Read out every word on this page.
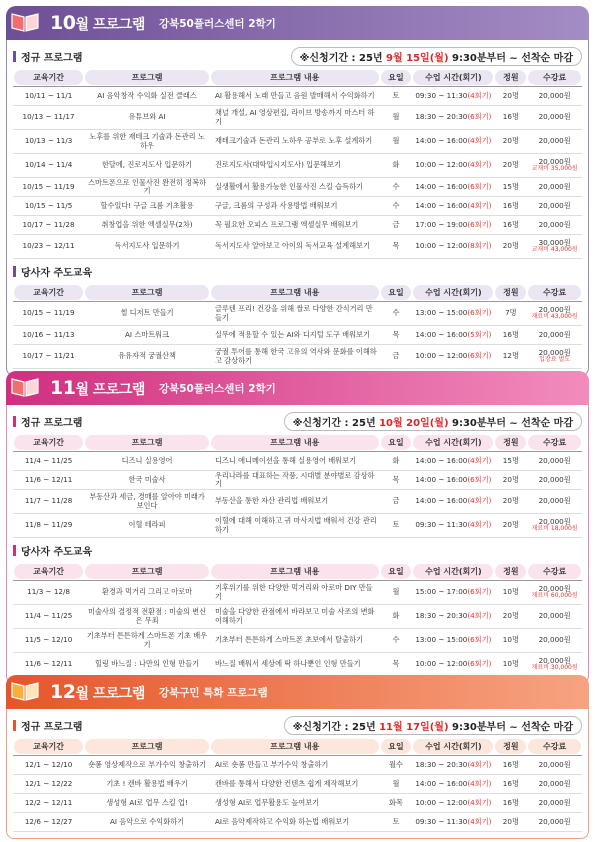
10월 프로그램 강북50플러스센터 2학기
정규 프로그램	※신청기간 : 25년 9월 15일(월) 9:30분부터 ~ 선착순 마감
교육기간	프로그램	프로그램 내용	요일	수업 시간(회기)	정원	수강료

10/11 ~ 11/1	AI 음악창작 수익화 실전 클래스	AI 활용해서 노래 만들고 음원 발매해서 수익화하기	토	09:30 ~ 11:30(4회기)	20명	20,000원
10/13 ~ 11/17	유튜브와 AI	채널 개설, AI 영상편집, 라이브 방송까지 마스터 하기	월	18:30 ~ 20:30(6회기)	16명	20,000원
10/13 ~ 11/3	노후를 위한 재테크 기술과 돈관리 노하우	재테크기술과 돈관리 노하우 공부로 노후 설계하기	월	14:00 ~ 16:00(4회기)	20명	20,000원
10/14 ~ 11/4	한달에, 진로지도사 입문하기	진로지도사(대학입시지도사) 입문해보기	화	10:00 ~ 12:00(4회기)	20명	20,000원
교재비 35,000원

10/15 ~ 11/19	스마트폰으로 인물사진 완전히 정복하기	실생활에서 활용가능한 인물사진 스킬 습득하기	수	14:00 ~ 16:00(6회기)	15명	20,000원
10/15 ~ 11/5	할수있다! 구글 크롬 기초활용	구글, 크롬의 구성과 사용방법 배워보기	수	14:00 ~ 16:00(4회기)	16명	20,000원
10/17 ~ 11/28	취창업을 위한 엑셀실무(2차)	꼭 필요한 오피스 프로그램 엑셀실무 배워보기	금	17:00 ~ 19:00(6회기)	16명	20,000원
10/23 ~ 12/11	독서지도사 입문하기	독서지도사 알아보고 아이의 독서교육 설계해보기	목	10:00 ~ 12:00(8회기)	20명	30,000원
교재비 43,000원
당사자 주도교육
교육기간	프로그램	프로그램 내용	요일	수업 시간(회기)	정원	수강료

10/15 ~ 11/19	썰 디저트 만들기	글루텐 프리! 건강을 위해 쌀로 다양한 간식거리 만들기	수	13:00 ~ 15:00(6회기)	7명	20,000원
재료비 43,000원

10/16 ~ 11/13	AI 스마트워크	실무에 적용할 수 있는 AI와 디지털 도구 배워보기	목	14:00 ~ 16:00(5회기)	16명	20,000원
10/17 ~ 11/21	유유자적 궁궐산책	궁궐 투어를 통해 한국 고유의 역사와 문화를 이해하고 감상하기	금	10:00 ~ 12:00(6회기)	12명	20,000원
입장료 별도
11월 프로그램 강북50플러스센터 2학기
정규 프로그램	※신청기간 : 25년 10월 20일(월) 9:30분부터 ~ 선착순 마감
교육기간	프로그램	프로그램 내용	요일	수업 시간(회기)	정원	수강료

11/4 ~ 11/25	디즈니 실용영어	디즈니 애니메이션을 통해 실용영어 배워보기	화	14:00 ~ 16:00(4회기)	15명	20,000원
11/6 ~ 12/11	한국 미술사	우리나라를 대표하는 작품, 시대별 분야별로 감상하기	목	14:00 ~ 16:00(6회기)	20명	20,000원
11/7 ~ 11/28	부동산과 세금, 경매를 알아야 미래가 보인다	부동산을 통한 자산 관리법 배워보기	금	14:00 ~ 16:00(4회기)	20명	20,000원
11/8 ~ 11/29	이혈 테라피	이혈에 대해 이해하고 귀 마사지법 배워서 건강 관리하기	토	09:30 ~ 11:30(4회기)	20명	20,000원
재료비 18,000원
당사자 주도교육
교육기간	프로그램	프로그램 내용	요일	수업 시간(회기)	정원	수강료

11/3 ~ 12/8	환경과 먹거리 그리고 아로마	기후위기를 위한 다양한 먹거리와 아로마 DIY 만들기	월	15:00 ~ 17:00(6회기)	10명	20,000원
재료비 60,000원

11/4 ~ 11/25	미술사의 결정적 전환점 : 미술의 변신은 무죄	미술을 다양한 관점에서 바라보고 미술 사조의 변화 이해하기	화	18:30 ~ 20:30(4회기)	20명	20,000원
11/5 ~ 12/10	기초부터 튼튼하게 스마트폰 기초 배우기	기초부터 튼튼하게 스마트폰 초보에서 탈출하기	수	13:00 ~ 15:00(6회기)	10명	20,000원
11/6 ~ 12/11	힐링 바느질 : 나만의 인형 만들기	바느질 배워서 세상에 딱 하나뿐인 인형 만들기	목	10:00 ~ 12:00(6회기)	10명	20,000원
재료비 30,000원
12월 프로그램 강북구민 특화 프로그램
정규 프로그램	※신청기간 : 25년 11월 17일(월) 9:30분부터 ~ 선착순 마감
교육기간	프로그램	프로그램 내용	요일	수업 시간(회기)	정원	수강료

12/1 ~ 12/10	숏폼 영상제작으로 부가수익 창출하기	AI로 숏폼 만들고 부가수익 창출하기	월수	18:30 ~ 20:30(4회기)	16명	20,000원
12/1 ~ 12/22	기초 ! 캔바 활용법 배우기	캔바를 통해서 다양한 컨텐츠 쉽게 제작해보기	월	14:00 ~ 16:00(4회기)	16명	20,000원
12/2 ~ 12/11	생성형 AI로 업무 스킬 업!	생성형 AI로 업무활용도 높여보기	화목	10:00 ~ 12:00(4회기)	16명	20,000원
12/6 ~ 12/27	AI 음악으로 수익화하기	AI로 음악제작하고 수익화 하는법 배워보기	토	09:30 ~ 11:30(4회기)	20명	20,000원
